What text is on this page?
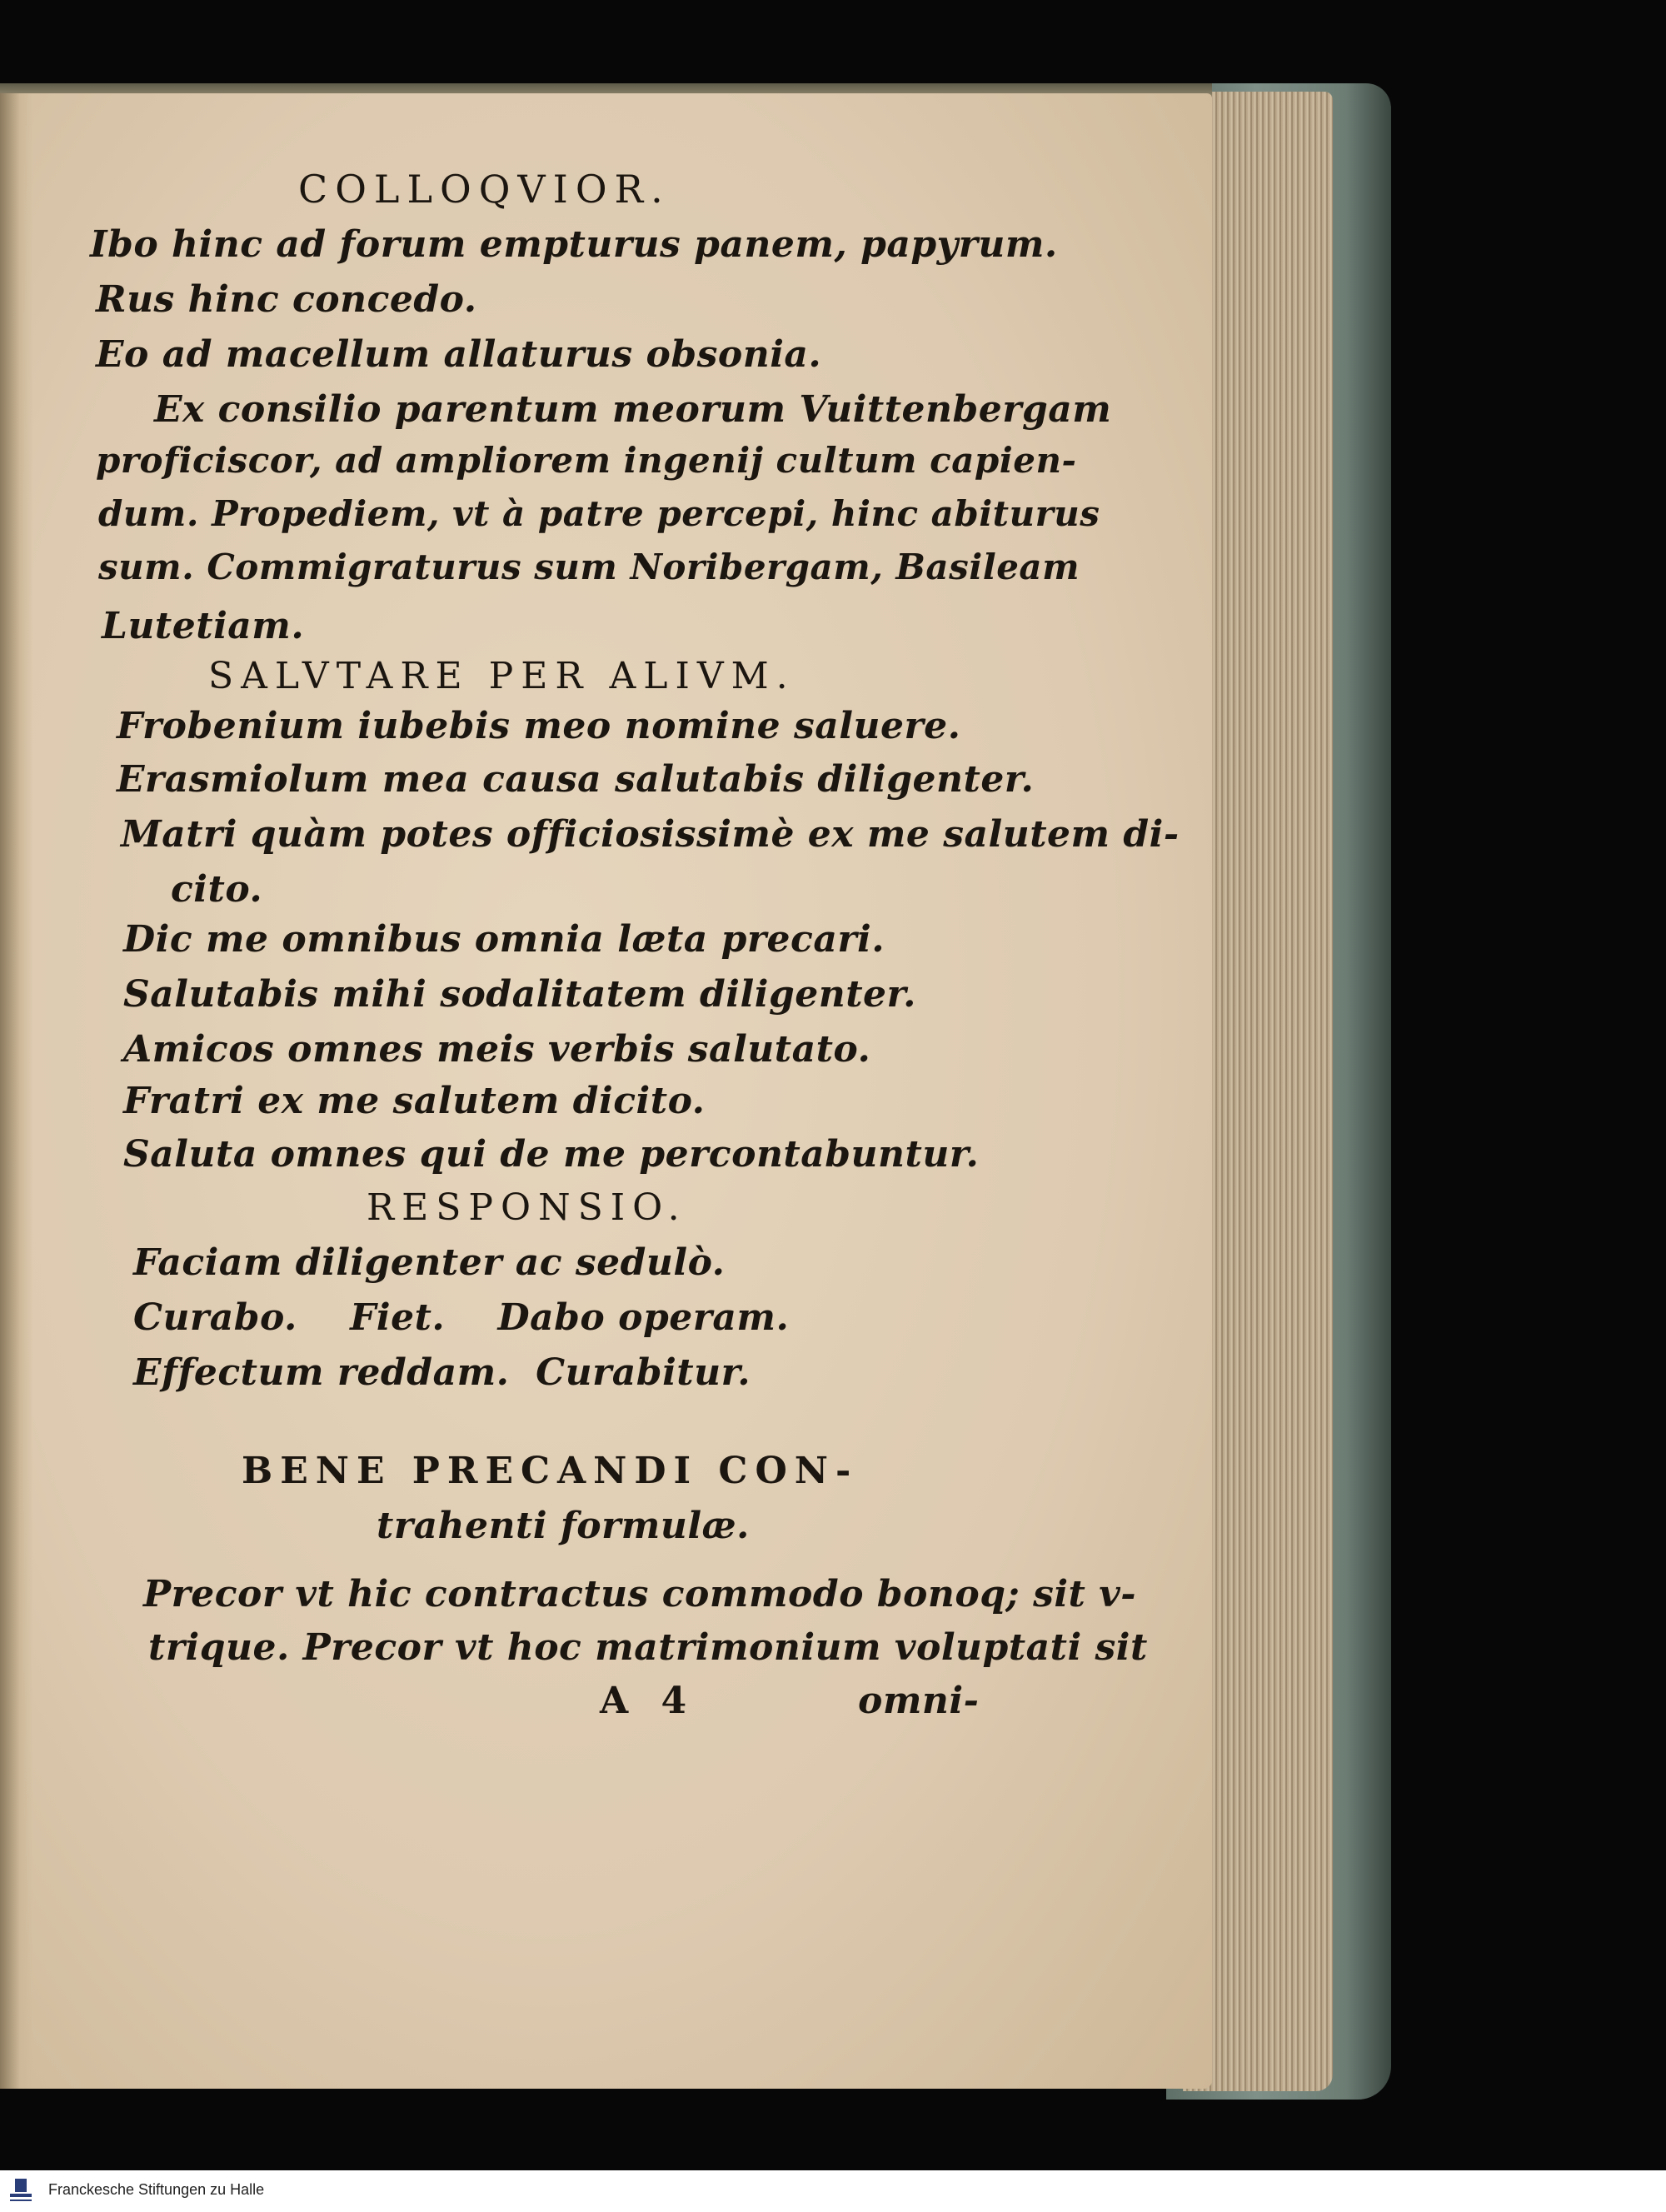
COLLOQVIOR.
Ibo hinc ad forum empturus panem, papyrum.
Rus hinc concedo.
Eo ad macellum allaturus obsonia.
Ex consilio parentum meorum Vuittenbergam
proficiscor, ad ampliorem ingenij cultum capien-
dum. Propediem, vt à patre percepi, hinc abiturus
sum. Commigraturus sum Noribergam, Basileam
Lutetiam.
SALVTARE PER ALIVM.
Frobenium iubebis meo nomine saluere.
Erasmiolum mea causa salutabis diligenter.
Matri quàm potes officiosissimè ex me salutem di-
cito.
Dic me omnibus omnia læta precari.
Salutabis mihi sodalitatem diligenter.
Amicos omnes meis verbis salutato.
Fratri ex me salutem dicito.
Saluta omnes qui de me percontabuntur.
RESPONSIO.
Faciam diligenter ac sedulò.
Curabo.    Fiet.    Dabo operam.
Effectum reddam.  Curabitur.
BENE PRECANDI CON-
trahenti formulæ.
Precor vt hic contractus commodo bonoq; sit v-
trique. Precor vt hoc matrimonium voluptati sit
A 4	omni-
Franckesche Stiftungen zu Halle
